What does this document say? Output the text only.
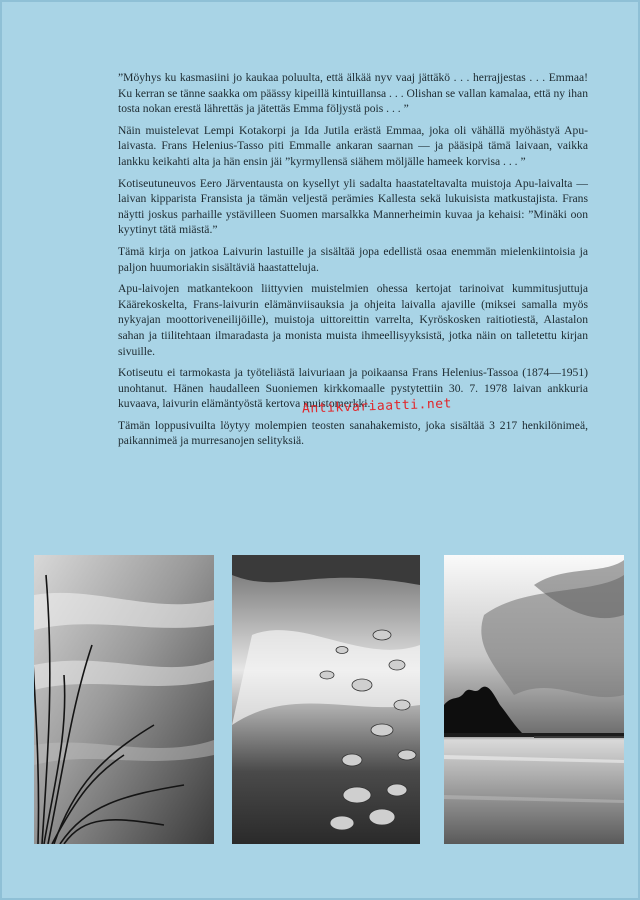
”Möyhys ku kasmasiini jo kaukaa poluulta, että älkää nyv vaaj jättäkö . . . herrajjestas . . . Emmaa! Ku kerran se tänne saakka om päässy kipeillä kintuillansa . . . Olishan se vallan kamalaa, että ny ihan tosta nokan erestä lährettäs ja jätettäs Emma följystä pois . . . ”

Näin muistelevat Lempi Kotakorpi ja Ida Jutila erästä Emmaa, joka oli vähällä myöhästyä Apu-laivasta. Frans Helenius-Tasso piti Emmalle ankaran saarnan — ja pääsipä tämä laivaan, vaikka lankku keikahti alta ja hän ensin jäi ”kyrmyllensä siähem möljälle hameek korvisa . . . ”

Kotiseutuneuvos Eero Järventausta on kysellyt yli sadalta haastateltavalta muistoja Apu-laivalta — laivan kipparista Fransista ja tämän veljestä perämies Kallesta sekä lukuisista matkustajista. Frans näytti joskus parhaille ystävilleen Suomen marsalkka Mannerheimin kuvaa ja kehaisi: ”Minäki oon kyytinyt tätä miästä.”

Tämä kirja on jatkoa Laivurin lastuille ja sisältää jopa edellistä osaa enemmän mielenkiintoisia ja paljon huumoriakin sisältäviä haastatteluja.

Apu-laivojen matkantekoon liittyvien muistelmien ohessa kertojat tarinoivat kummitusjuttuja Käärekoskelta, Frans-laivurin elämänviisauksia ja ohjeita laivalla ajaville (miksei samalla myös nykyajan moottoriveneilijöille), muistoja uittoreittin varrelta, Kyröskosken raitiotiestä, Alastalon sahan ja tiilitehtaan ilmaradasta ja monista muista ihmeellisyyksistä, jotka näin on talletettu kirjan sivuille.

Kotiseutu ei tarmokasta ja työteliästä laivuriaan ja poikaansa Frans Helenius-Tassoa (1874—1951) unohtanut. Hänen haudalleen Suoniemen kirkkomaalle pystytettiin 30. 7. 1978 laivan ankkuria kuvaava, laivurin elämäntyöstä kertova muistomerkki.

Tämän loppusivuilta löytyy molempien teosten sanahakemisto, joka sisältää 3 217 henkilönimeä, paikannimeä ja murresanojen selityksiä.

Antikvariaatti.net
